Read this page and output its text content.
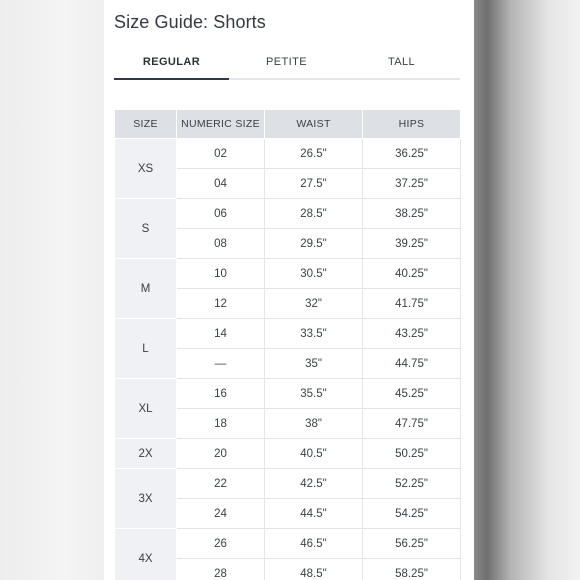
Size Guide: Shorts
REGULAR	PETITE	TALL
SIZE	NUMERIC SIZE	WAIST	HIPS
XS	02	26.5"	36.25"
	04	27.5"	37.25"
S	06	28.5"	38.25"
	08	29.5"	39.25"
M	10	30.5"	40.25"
	12	32"	41.75"
L	14	33.5"	43.25"
	—	35"	44.75"
XL	16	35.5"	45.25"
	18	38"	47.75"
2X	20	40.5"	50.25"
3X	22	42.5"	52.25"
	24	44.5"	54.25"
4X	26	46.5"	56.25"
	28	48.5"	58.25"
